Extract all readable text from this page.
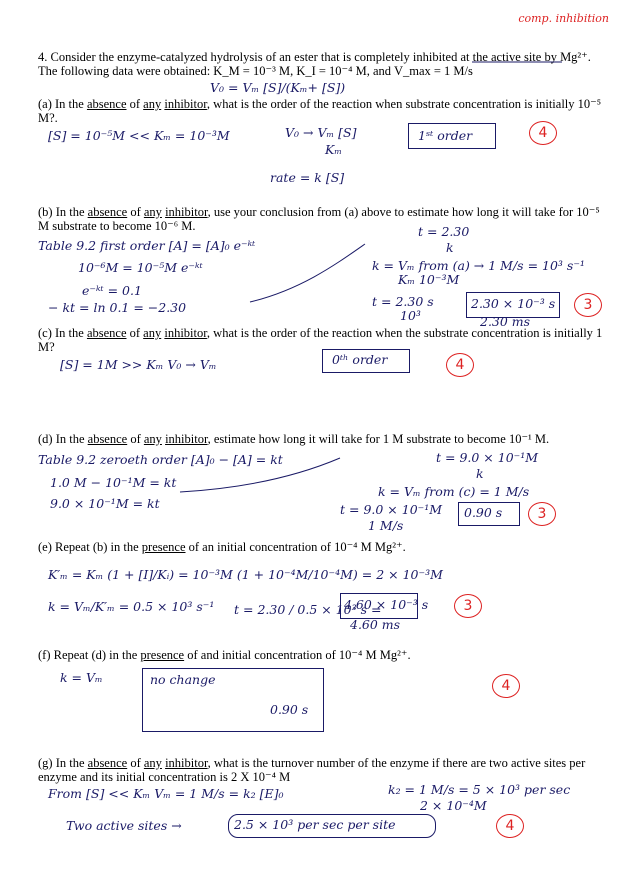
comp. inhibition
4. Consider the enzyme-catalyzed hydrolysis of an ester that is completely inhibited at the active site by Mg²⁺. The following data were obtained: K_M = 10⁻³ M, K_I = 10⁻⁴ M, and V_max = 1 M/s
V₀ = Vₘ [S]/(Kₘ+ [S])
(a) In the absence of any inhibitor, what is the order of the reaction when substrate concentration is initially 10⁻⁵ M?.
[S] = 10⁻⁵M << Kₘ = 10⁻³M	V₀ → Vₘ [S]
Kₘ
1ˢᵗ order	4
rate = k [S]
(b) In the absence of any inhibitor, use your conclusion from (a) above to estimate how long it will take for 10⁻⁵ M substrate to become 10⁻⁶ M.
Table 9.2 first order [A] = [A]₀ e⁻ᵏᵗ
t = 2.30
k
10⁻⁶M = 10⁻⁵M e⁻ᵏᵗ	k = Vₘ from (a) → 1 M/s = 10³ s⁻¹
Kₘ 10⁻³M
e⁻ᵏᵗ = 0.1
− kt = ln 0.1 = −2.30	t = 2.30 s
10³
2.30 × 10⁻³ s
2.30 ms
3
(c) In the absence of any inhibitor, what is the order of the reaction when the substrate concentration is initially 1 M?
[S] = 1M >> Kₘ V₀ → Vₘ	0ᵗʰ order	4
(d) In the absence of any inhibitor, estimate how long it will take for 1 M substrate to become 10⁻¹ M.
Table 9.2 zeroeth order [A]₀ − [A] = kt	t = 9.0 × 10⁻¹M
k
1.0 M − 10⁻¹M = kt
k = Vₘ from (c) = 1 M/s
9.0 × 10⁻¹M = kt	t = 9.0 × 10⁻¹M
1 M/s
0.90 s	3
(e) Repeat (b) in the presence of an initial concentration of 10⁻⁴ M Mg²⁺.
K′ₘ = Kₘ (1 + [I]/Kᵢ) = 10⁻³M (1 + 10⁻⁴M/10⁻⁴M) = 2 × 10⁻³M
k = Vₘ/K′ₘ = 0.5 × 10³ s⁻¹ t = 2.30 / 0.5 × 10³ s =
4.60 × 10⁻³ s
4.60 ms
3
(f) Repeat (d) in the presence of and initial concentration of 10⁻⁴ M Mg²⁺.
k = Vₘ	no change
0.90 s
4
(g) In the absence of any inhibitor, what is the turnover number of the enzyme if there are two active sites per enzyme and its initial concentration is 2 X 10⁻⁴ M
From [S] << Kₘ Vₘ = 1 M/s = k₂ [E]₀	k₂ = 1 M/s = 5 × 10³ per sec
2 × 10⁻⁴M
Two active sites →	2.5 × 10³ per sec per site	4
